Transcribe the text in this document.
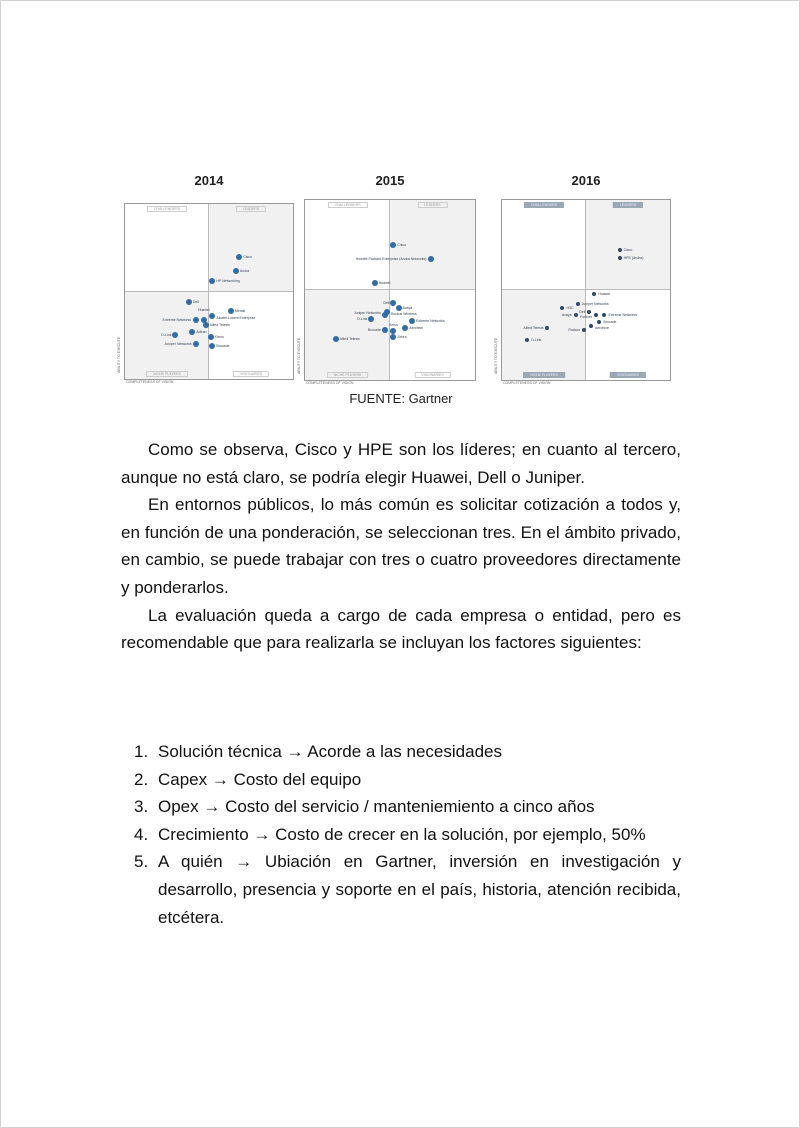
2014
CHALLENGERS	LEADERS
NICHE PLAYERS	VISIONARIES
Cisco
Aruba
HP Networking
Dell
Meraki
Huawei
Extreme Networks	Alcatel-Lucent Enterprise
Allied Telesis
D-Link
Adtran
Xirrus
Juniper Networks	Brocade
COMPLETENESS OF VISION
ABILITY TO EXECUTE
2015
CHALLENGERS	LEADERS
NICHE PLAYERS	VISIONARIES
Cisco
Hewlett Packard Enterprise (Aruba Networks)
Huawei
Dell
Avaya
Ruckus Wireless
Juniper Networks
D-Link	Extreme Networks
Aerohive
Xirrus
Brocade
Zebra
Allied Telesis
COMPLETENESS OF VISION
ABILITY TO EXECUTE
2016
CHALLENGERS	LEADERS
NICHE PLAYERS	VISIONARIES
Cisco
HPE (Aruba)
Huawei
Juniper Networks
H3C
Dell
Avaya	Extreme Networks
Fortinet
Brocade
Aerohive
Ruckus
Allied Telesis
D-Link
COMPLETENESS OF VISION
ABILITY TO EXECUTE
FUENTE: Gartner

Como se observa, Cisco y HPE son los líderes; en cuanto al tercero, aunque no está claro, se podría elegir Huawei, Dell o Juniper.

En entornos públicos, lo más común es solicitar cotización a todos y, en función de una ponderación, se seleccionan tres. En el ámbito privado, en cambio, se puede trabajar con tres o cuatro proveedores directamente y ponderarlos.

La evaluación queda a cargo de cada empresa o entidad, pero es recomendable que para realizarla se incluyan los factores siguientes:

1. Solución técnica → Acorde a las necesidades
2. Capex → Costo del equipo
3. Opex → Costo del servicio / manteniemiento a cinco años
4. Crecimiento → Costo de crecer en la solución, por ejemplo, 50%
5. A quién → Ubiación en Gartner, inversión en investigación y desarrollo, presencia y soporte en el país, historia, atención recibida, etcétera.
